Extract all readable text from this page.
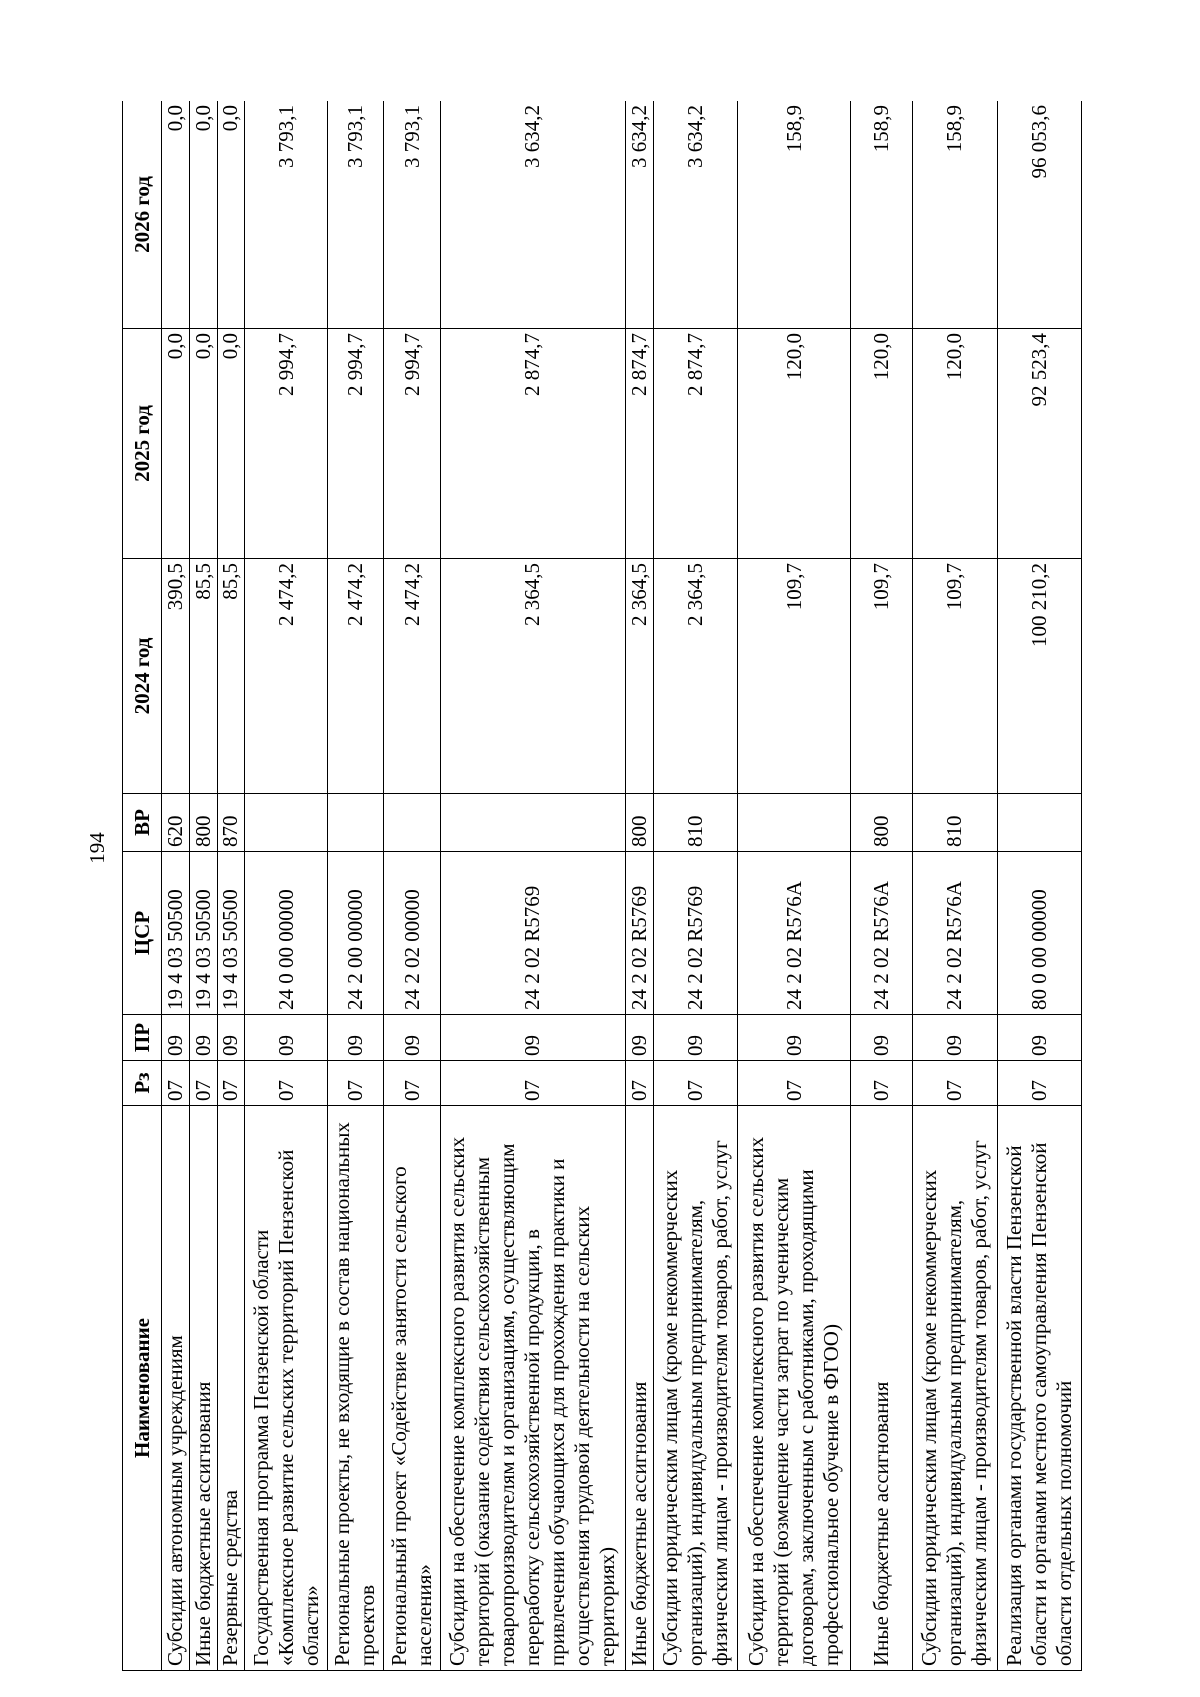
194
Наименование	Рз	ПР	ЦСР	ВР	2024 год	2025 год	2026 год
Субсидии автономным учреждениям	07	09	19 4 03 50500	620	390,5	0,0	0,0
Иные бюджетные ассигнования	07	09	19 4 03 50500	800	85,5	0,0	0,0
Резервные средства	07	09	19 4 03 50500	870	85,5	0,0	0,0
Государственная программа Пензенской области «Комплексное развитие сельских территорий Пензенской области»	07	09	24 0 00 00000		2 474,2	2 994,7	3 793,1
Региональные проекты, не входящие в состав национальных проектов	07	09	24 2 00 00000		2 474,2	2 994,7	3 793,1
Региональный проект «Содействие занятости сельского населения»	07	09	24 2 02 00000		2 474,2	2 994,7	3 793,1
Субсидии на обеспечение комплексного развития сельских территорий (оказание содействия сельскохозяйственным товаропроизводителям и организациям, осуществляющим переработку сельскохозяйственной продукции, в привлечении обучающихся для прохождения практики и осуществления трудовой деятельности на сельских территориях)	07	09	24 2 02 R5769		2 364,5	2 874,7	3 634,2
Иные бюджетные ассигнования	07	09	24 2 02 R5769	800	2 364,5	2 874,7	3 634,2
Субсидии юридическим лицам (кроме некоммерческих организаций), индивидуальным предпринимателям, физическим лицам - производителям товаров, работ, услуг	07	09	24 2 02 R5769	810	2 364,5	2 874,7	3 634,2
Субсидии на обеспечение комплексного развития сельских территорий (возмещение части затрат по ученическим договорам, заключенным с работниками, проходящими профессиональное обучение в ФГОО)	07	09	24 2 02 R576А		109,7	120,0	158,9
Иные бюджетные ассигнования	07	09	24 2 02 R576А	800	109,7	120,0	158,9
Субсидии юридическим лицам (кроме некоммерческих организаций), индивидуальным предпринимателям, физическим лицам - производителям товаров, работ, услуг	07	09	24 2 02 R576А	810	109,7	120,0	158,9
Реализация органами государственной власти Пензенской области и органами местного самоуправления Пензенской области отдельных полномочий	07	09	80 0 00 00000		100 210,2	92 523,4	96 053,6
